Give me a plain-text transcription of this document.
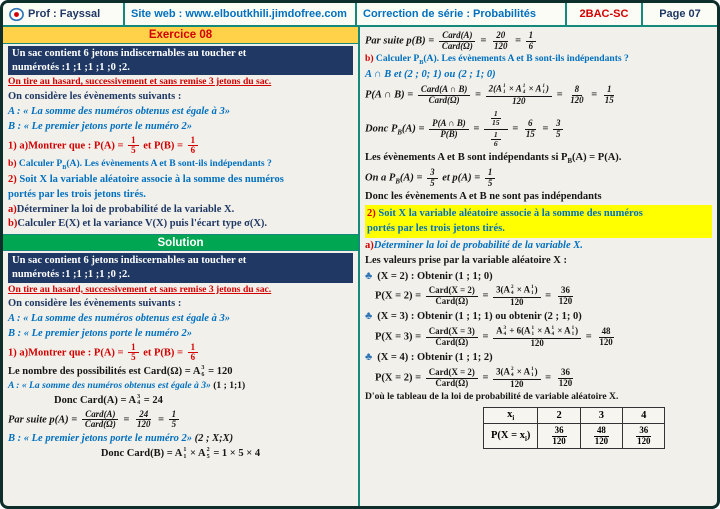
Prof : Fayssal	Site web : www.elboutkhili.jimdofree.com Correction de série : Probabilités	2BAC-SC	Page 07
Exercice 08
Un sac contient 6 jetons indiscernables au toucher et
numérotés :1 ;1 ;1 ;1 ;0 ;2.
On tire au hasard, successivement et sans remise 3 jetons du sac.
On considère les évènements suivants :
A : « La somme des numéros obtenus est égale à 3»
B : « Le premier jetons porte le numéro 2»
1) a)Montrer que : $P(A) = \frac{1}{5}$ et $P(B) = \frac{1}{6}$
b) Calculer $P_B(A)$. Les évènements A et B sont-ils indépendants ?
2) Soit X la variable aléatoire associe à la somme des numéros
portés par les trois jetons tirés.
a)Déterminer la loi de probabilité de la variable X.
b)Calculer E(X) et la variance V(X) puis l'écart type σ(X).
Solution
Un sac contient 6 jetons indiscernables au toucher et
numérotés :1 ;1 ;1 ;1 ;0 ;2.
On tire au hasard, successivement et sans remise 3 jetons du sac.
On considère les évènements suivants :
A : « La somme des numéros obtenus est égale à 3»
B : « Le premier jetons porte le numéro 2»
1) a)Montrer que : $P(A) = \frac{1}{5}$ et $P(B) = \frac{1}{6}$
Le nombre des possibilités est Card(Ω) = A 3
6 = 120
A : « La somme des numéros obtenus est égale à 3» (1 ; 1;1)
Donc Card(A) = A 3
4 = 24
Par suite $p(A) = \frac{\text{Card(A)}}{\text{Card(Ω)}} = \frac{24}{120} = \frac{1}{5}$
B : « Le premier jetons porte le numéro 2» (2 ; X;X)
Donc Card(B) = A 1
1 × A 2
5 = 1 × 5 × 4
Par suite $p(B) = \frac{\text{Card(A)}}{\text{Card(Ω)}} = \frac{20}{120} = \frac{1}{6}$
b) Calculer $P_B(A)$. Les évènements A et B sont-ils indépendants ?
A ∩ B et (2 ; 0; 1) ou (2 ; 1; 0)
P(A ∩ $B) = \frac{\text{Card(A ∩ B)}}{\text{Card(Ω)}} = 2(A$ 1
1 × A 1
4 × A 1
1 )
$120 = \frac{8}{120} = \frac{1}{15}$
Donc $P_B(A) = \frac{P(A \cap B)}{P(B)} = \frac{\frac{1}{15}}{\frac{1}{6}} = \frac{6}{15} = \frac{3}{5}$
Les évènements A et B sont indépendants si $P_B(A) = P(A)$.
On a $P_B(A) = \frac{3}{5}$ et $p(A) = \frac{1}{5}$
Donc les évènements A et B ne sont pas indépendants
2) Soit X la variable aléatoire associe à la somme des numéros
portés par les trois jetons tirés.
a)Déterminer la loi de probabilité de la variable X.
Les valeurs prise par la variable aléatoire X :
♣ (X = 2) : Obtenir (1 ; 1; 0)
$P(X = 2) = \frac{\text{Card(X = 2)}}{\text{Card(Ω)}} = 3(A$ 2
4 × A 1
1 )
$120 = \frac{36}{120}$
♣ (X = 3) : Obtenir (1 ; 1; 1) ou obtenir (2 ; 1; 0)
$P(X = 3) = \frac{\text{Card(X = 3)}}{\text{Card(Ω)}} = A$ 3
4 + 6(A 1
1 × A 1
4 × A 1
1 )
$120 = \frac{48}{120}$
♣ (X = 4) : Obtenir (1 ; 1; 2)
$P(X = 2) = \frac{\text{Card(X = 2)}}{\text{Card(Ω)}} = 3(A$ 2
4 × A 1
1 )
$120 = \frac{36}{120}$
D'où le tableau de la loi de probabilité de variable aléatoire X.
$x_i$	2	3	4
$P(X = x_i)$	$\frac{36}{120}$	$\frac{48}{120}$	$\frac{36}{120}$
